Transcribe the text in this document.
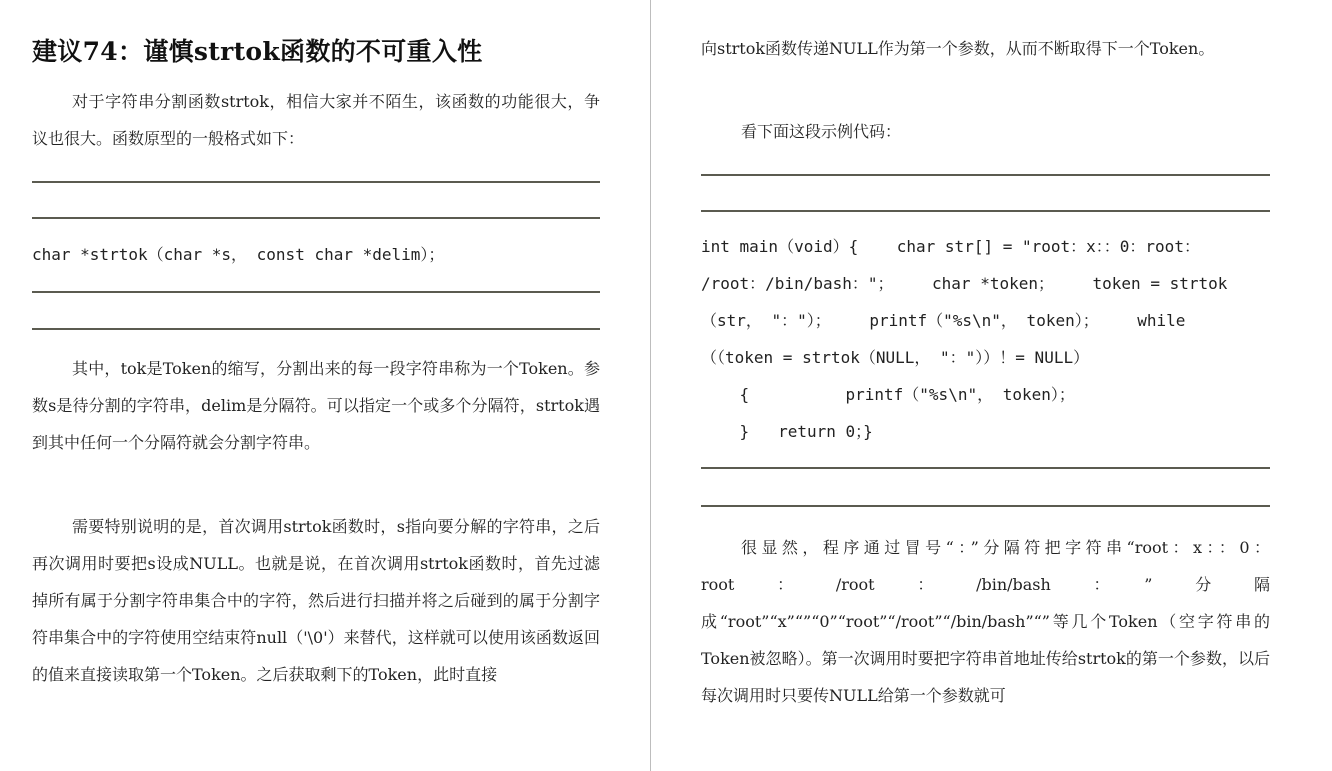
建议74：谨慎strtok函数的不可重入性

对于字符串分割函数strtok，相信大家并不陌生，该函数的功能很大，争议也很大。函数原型的一般格式如下：

char *strtok（char *s， const char *delim）；

其中，tok是Token的缩写，分割出来的每一段字符串称为一个Token。参数s是待分割的字符串，delim是分隔符。可以指定一个或多个分隔符，strtok遇到其中任何一个分隔符就会分割字符串。

需要特别说明的是，首次调用strtok函数时，s指向要分解的字符串，之后再次调用时要把s设成NULL。也就是说，在首次调用strtok函数时，首先过滤掉所有属于分割字符串集合中的字符，然后进行扫描并将之后碰到的属于分割字符串集合中的字符使用空结束符null（'\0'）来替代，这样就可以使用该函数返回的值来直接读取第一个Token。之后获取剩下的Token，此时直接

向strtok函数传递NULL作为第一个参数，从而不断取得下一个Token。

看下面这段示例代码：

int main（void）{    char str[] = "root：x：：0：root：
/root：/bin/bash："；    char *token；    token = strtok
（str， "："）；    printf（"%s\n"， token）；    while
（（token = strtok（NULL， "："））！= NULL）
{          printf（"%s\n"， token）；
}   return 0；}

很显然，程序通过冒号“：”分隔符把字符串“root：x：：0：root：/root：/bin/bash：”分隔成“root”“x”“”“0”“root”“/root”“/bin/bash”“”等几个Token（空字符串的Token被忽略）。第一次调用时要把字符串首地址传给strtok的第一个参数，以后每次调用时只要传NULL给第一个参数就可
